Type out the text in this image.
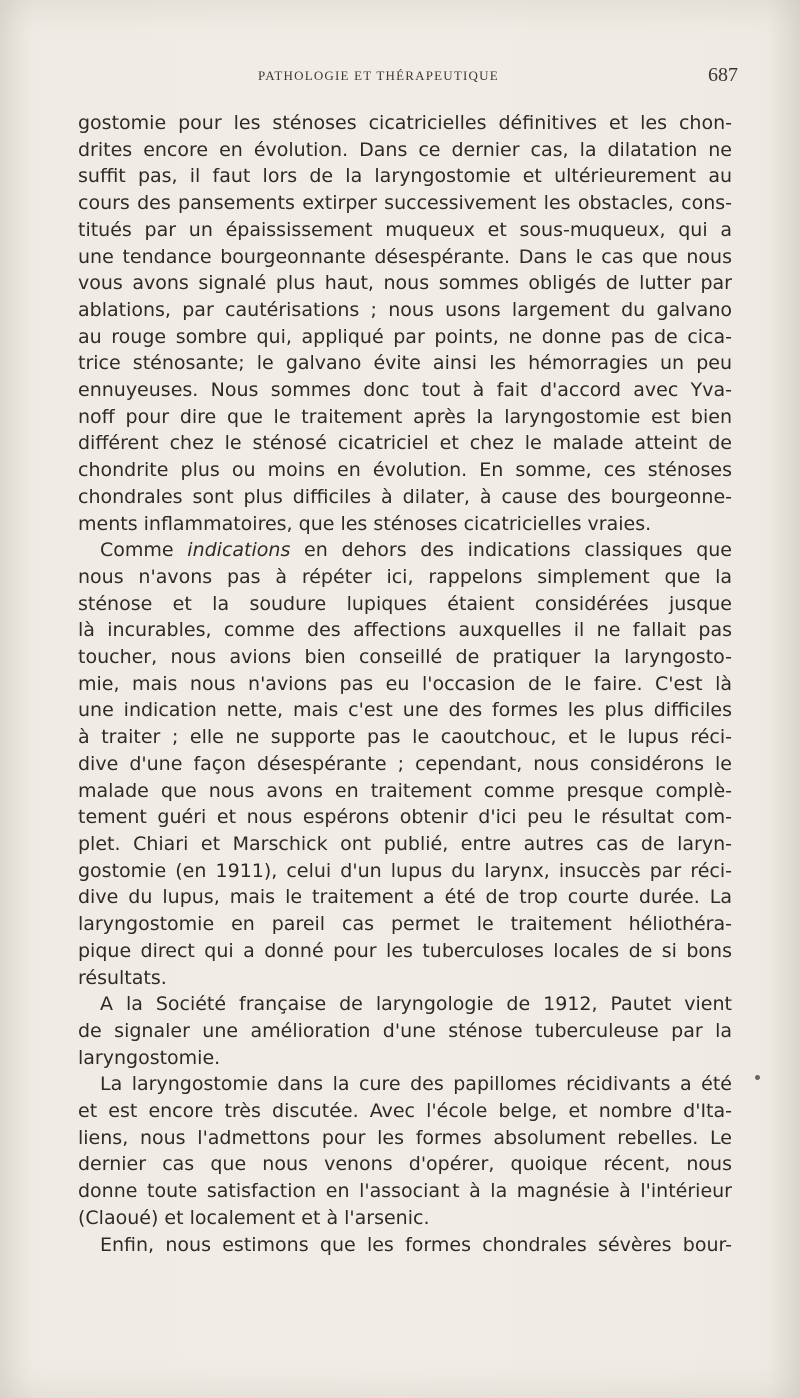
PATHOLOGIE ET THÉRAPEUTIQUE	687
gostomie pour les sténoses cicatricielles définitives et les chon-
drites encore en évolution. Dans ce dernier cas, la dilatation ne
suffit pas, il faut lors de la laryngostomie et ultérieurement au
cours des pansements extirper successivement les obstacles, cons-
titués par un épaississement muqueux et sous-muqueux, qui a
une tendance bourgeonnante désespérante. Dans le cas que nous
vous avons signalé plus haut, nous sommes obligés de lutter par
ablations, par cautérisations ; nous usons largement du galvano
au rouge sombre qui, appliqué par points, ne donne pas de cica-
trice sténosante; le galvano évite ainsi les hémorragies un peu
ennuyeuses. Nous sommes donc tout à fait d'accord avec Yva-
noff pour dire que le traitement après la laryngostomie est bien
différent chez le sténosé cicatriciel et chez le malade atteint de
chondrite plus ou moins en évolution. En somme, ces sténoses
chondrales sont plus difficiles à dilater, à cause des bourgeonne-
ments inflammatoires, que les sténoses cicatricielles vraies.
Comme indications en dehors des indications classiques que
nous n'avons pas à répéter ici, rappelons simplement que la
sténose et la soudure lupiques étaient considérées jusque
là incurables, comme des affections auxquelles il ne fallait pas
toucher, nous avions bien conseillé de pratiquer la laryngosto-
mie, mais nous n'avions pas eu l'occasion de le faire. C'est là
une indication nette, mais c'est une des formes les plus difficiles
à traiter ; elle ne supporte pas le caoutchouc, et le lupus réci-
dive d'une façon désespérante ; cependant, nous considérons le
malade que nous avons en traitement comme presque complè-
tement guéri et nous espérons obtenir d'ici peu le résultat com-
plet. Chiari et Marschick ont publié, entre autres cas de laryn-
gostomie (en 1911), celui d'un lupus du larynx, insuccès par réci-
dive du lupus, mais le traitement a été de trop courte durée. La
laryngostomie en pareil cas permet le traitement héliothéra-
pique direct qui a donné pour les tuberculoses locales de si bons
résultats.
A la Société française de laryngologie de 1912, Pautet vient
de signaler une amélioration d'une sténose tuberculeuse par la
laryngostomie.
La laryngostomie dans la cure des papillomes récidivants a été
et est encore très discutée. Avec l'école belge, et nombre d'Ita-
liens, nous l'admettons pour les formes absolument rebelles. Le
dernier cas que nous venons d'opérer, quoique récent, nous
donne toute satisfaction en l'associant à la magnésie à l'intérieur
(Claoué) et localement et à l'arsenic.
Enfin, nous estimons que les formes chondrales sévères bour-
